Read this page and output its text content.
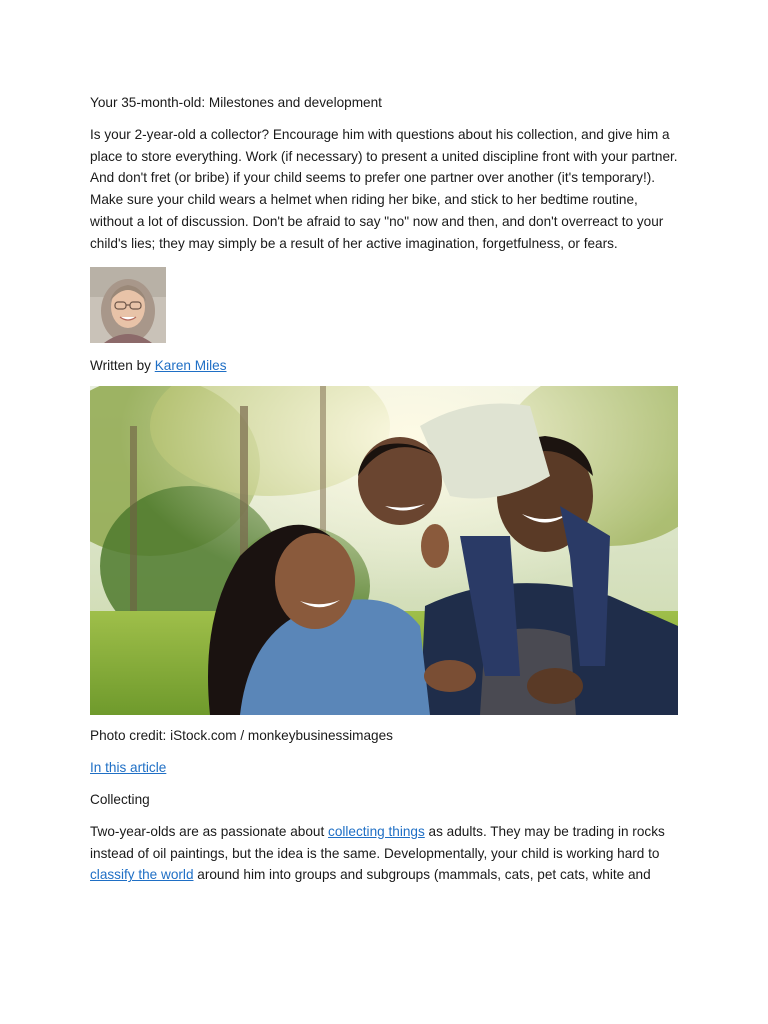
Your 35-month-old: Milestones and development

Is your 2-year-old a collector? Encourage him with questions about his collection, and give him a place to store everything. Work (if necessary) to present a united discipline front with your partner. And don't fret (or bribe) if your child seems to prefer one partner over another (it's temporary!). Make sure your child wears a helmet when riding her bike, and stick to her bedtime routine, without a lot of discussion. Don't be afraid to say "no" now and then, and don't overreact to your child's lies; they may simply be a result of her active imagination, forgetfulness, or fears.

Written by Karen Miles

Photo credit: iStock.com / monkeybusinessimages

In this article

Collecting

Two-year-olds are as passionate about collecting things as adults. They may be trading in rocks instead of oil paintings, but the idea is the same. Developmentally, your child is working hard to classify the world around him into groups and subgroups (mammals, cats, pet cats, white and
